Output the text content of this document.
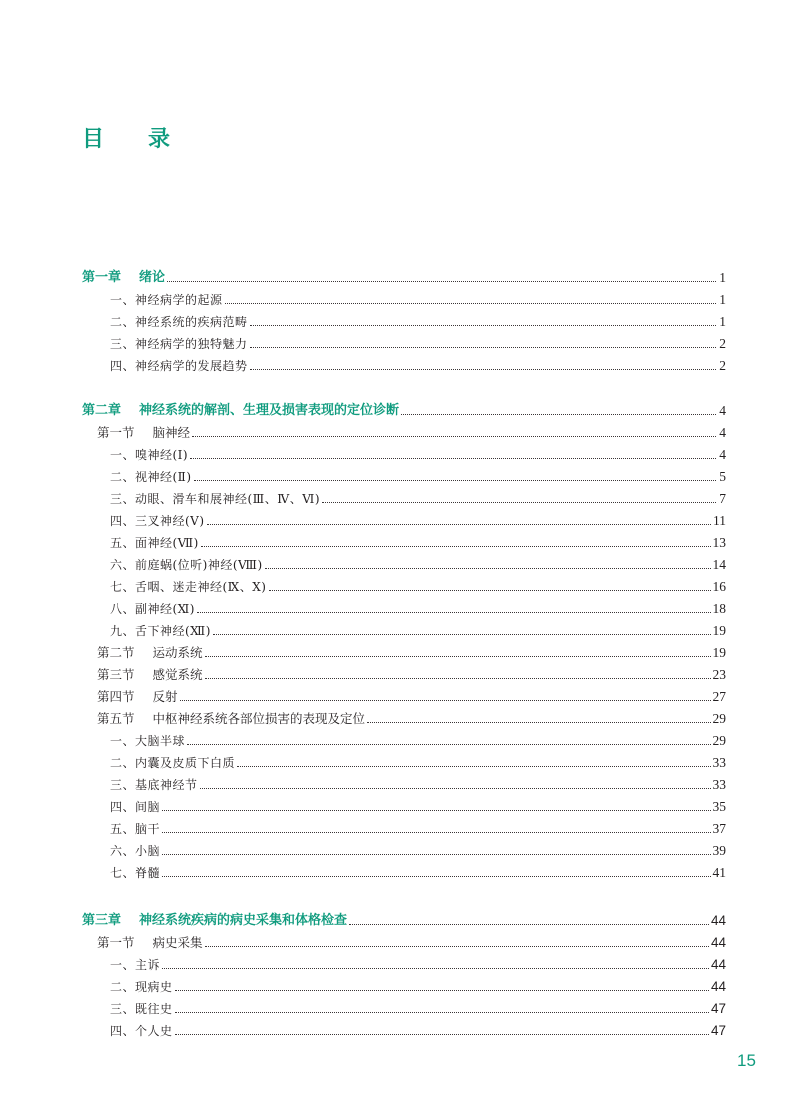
目 录
第一章 绪论	1
一、神经病学的起源	1
二、神经系统的疾病范畴	1
三、神经病学的独特魅力	2
四、神经病学的发展趋势	2
第二章 神经系统的解剖、生理及损害表现的定位诊断	4
第一节 脑神经	4
一、嗅神经(Ⅰ)	4
二、视神经(Ⅱ)	5
三、动眼、滑车和展神经(Ⅲ、Ⅳ、Ⅵ)	7
四、三叉神经(Ⅴ)	11
五、面神经(Ⅶ)	13
六、前庭蜗(位听)神经(Ⅷ)	14
七、舌咽、迷走神经(Ⅸ、Ⅹ)	16
八、副神经(Ⅺ)	18
九、舌下神经(Ⅻ)	19
第二节 运动系统	19
第三节 感觉系统	23
第四节 反射	27
第五节 中枢神经系统各部位损害的表现及定位	29
一、大脑半球	29
二、内囊及皮质下白质	33
三、基底神经节	33
四、间脑	35
五、脑干	37
六、小脑	39
七、脊髓	41
第三章 神经系统疾病的病史采集和体格检查	44
第一节 病史采集	44
一、主诉	44
二、现病史	44
三、既往史	47
四、个人史	47
15
